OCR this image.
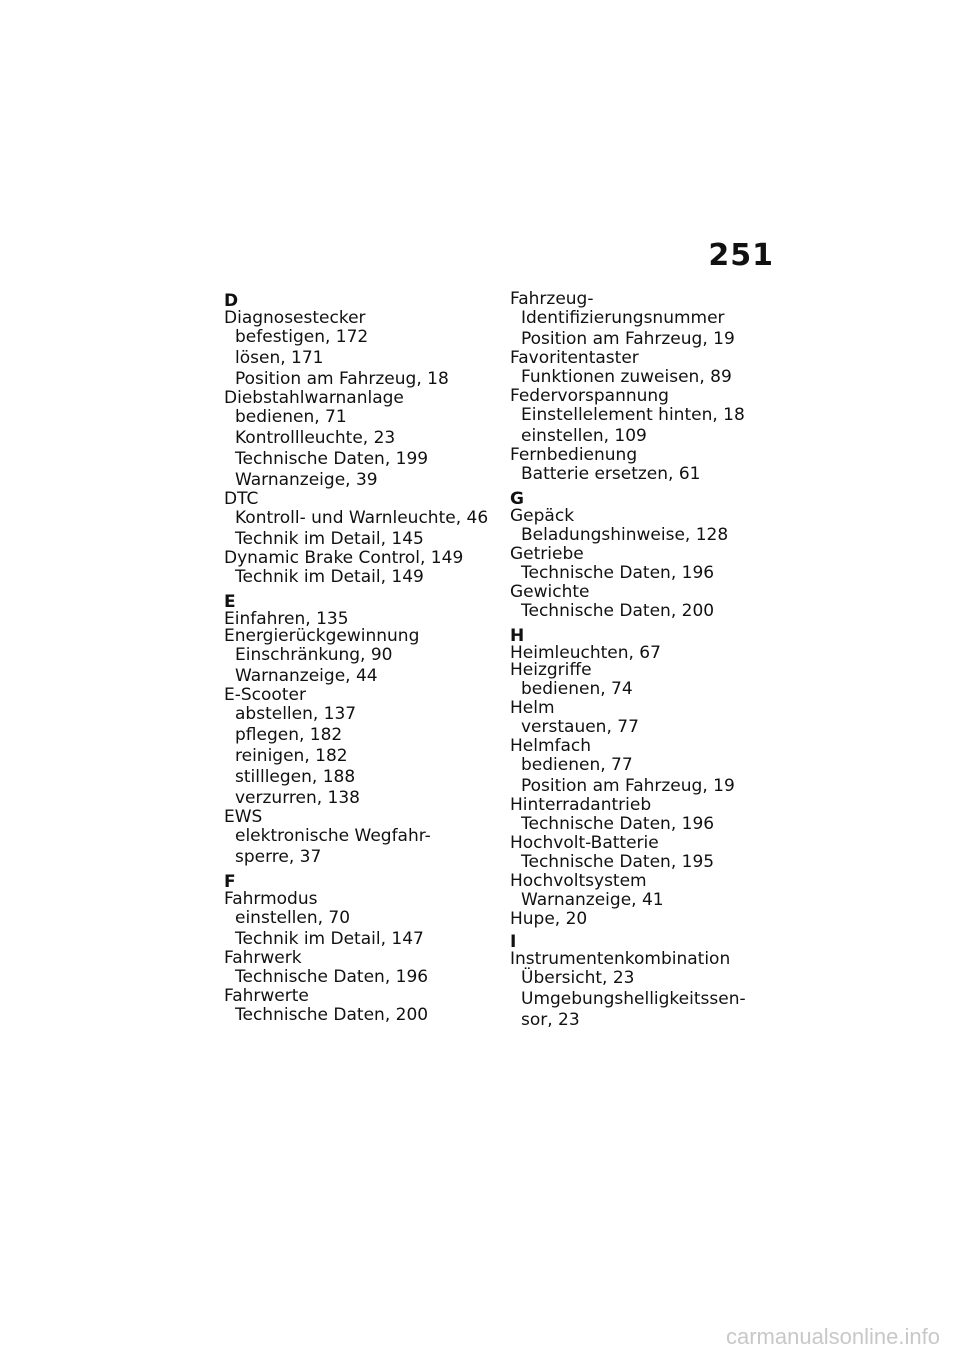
251
D
Diagnosestecker
befestigen, 172
lösen, 171
Position am Fahrzeug, 18
Diebstahlwarnanlage
bedienen, 71
Kontrollleuchte, 23
Technische Daten, 199
Warnanzeige, 39
DTC
Kontroll- und Warnleuchte, 46
Technik im Detail, 145
Dynamic Brake Control, 149
Technik im Detail, 149
E
Einfahren, 135
Energierückgewinnung
Einschränkung, 90
Warnanzeige, 44
E-Scooter
abstellen, 137
pflegen, 182
reinigen, 182
stilllegen, 188
verzurren, 138
EWS
elektronische Wegfahr-
sperre, 37
F
Fahrmodus
einstellen, 70
Technik im Detail, 147
Fahrwerk
Technische Daten, 196
Fahrwerte
Technische Daten, 200
Fahrzeug-
Identifizierungsnummer
Position am Fahrzeug, 19
Favoritentaster
Funktionen zuweisen, 89
Federvorspannung
Einstellelement hinten, 18
einstellen, 109
Fernbedienung
Batterie ersetzen, 61
G
Gepäck
Beladungshinweise, 128
Getriebe
Technische Daten, 196
Gewichte
Technische Daten, 200
H
Heimleuchten, 67
Heizgriffe
bedienen, 74
Helm
verstauen, 77
Helmfach
bedienen, 77
Position am Fahrzeug, 19
Hinterradantrieb
Technische Daten, 196
Hochvolt-Batterie
Technische Daten, 195
Hochvoltsystem
Warnanzeige, 41
Hupe, 20
I
Instrumentenkombination
Übersicht, 23
Umgebungshelligkeitssen-
sor, 23
carmanualsonline.info
